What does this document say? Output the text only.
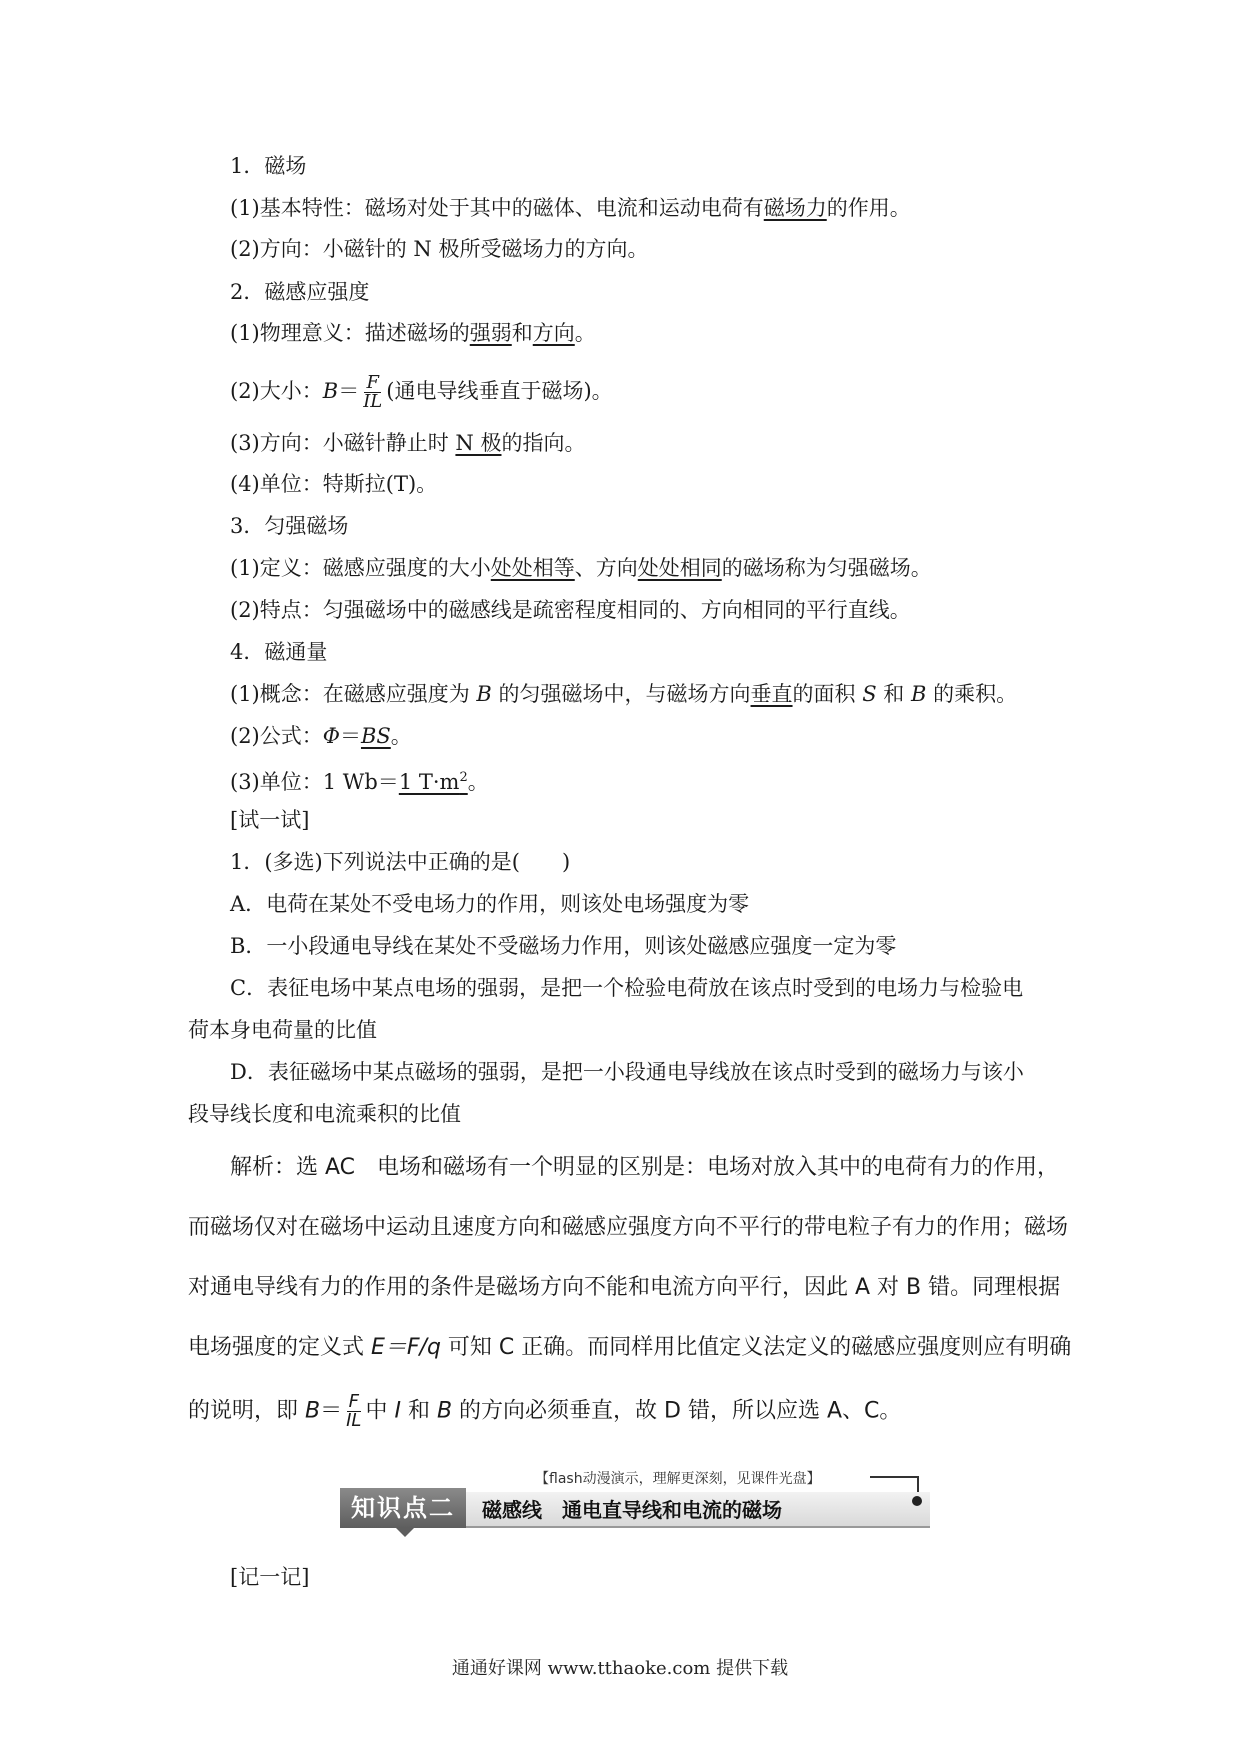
1．磁场
(1)基本特性：磁场对处于其中的磁体、电流和运动电荷有磁场力的作用。
(2)方向：小磁针的 N 极所受磁场力的方向。
2．磁感应强度
(1)物理意义：描述磁场的强弱和方向。
(2)大小：$B= \frac{F}{IL}$ (通电导线垂直于磁场)。
(3)方向：小磁针静止时 N 极的指向。
(4)单位：特斯拉(T)。
3．匀强磁场
(1)定义：磁感应强度的大小处处相等、方向处处相同的磁场称为匀强磁场。
(2)特点：匀强磁场中的磁感线是疏密程度相同的、方向相同的平行直线。
4．磁通量
(1)概念：在磁感应强度为 B 的匀强磁场中，与磁场方向垂直的面积 S 和 B 的乘积。
(2)公式：Φ＝BS。
(3)单位：1 Wb＝1 $T\cdot m^2$。
[试一试]
1．(多选)下列说法中正确的是(　　)
A．电荷在某处不受电场力的作用，则该处电场强度为零
B．一小段通电导线在某处不受磁场力作用，则该处磁感应强度一定为零
C．表征电场中某点电场的强弱，是把一个检验电荷放在该点时受到的电场力与检验电
荷本身电荷量的比值
D．表征磁场中某点磁场的强弱，是把一小段通电导线放在该点时受到的磁场力与该小
段导线长度和电流乘积的比值
解析：选 AC　电场和磁场有一个明显的区别是：电场对放入其中的电荷有力的作用，
而磁场仅对在磁场中运动且速度方向和磁感应强度方向不平行的带电粒子有力的作用；磁场
对通电导线有力的作用的条件是磁场方向不能和电流方向平行，因此 A 对 B 错。同理根据
电场强度的定义式 E＝F/q 可知 C 正确。而同样用比值定义法定义的磁感应强度则应有明确
的说明，即 $B= \frac{F}{IL}$ 中 I 和 B 的方向必须垂直，故 D 错，所以应选 A、C。
【flash动漫演示，理解更深刻，见课件光盘】
知识点二	磁感线　通电直导线和电流的磁场
[记一记]
通通好课网 www.tthaoke.com 提供下载
